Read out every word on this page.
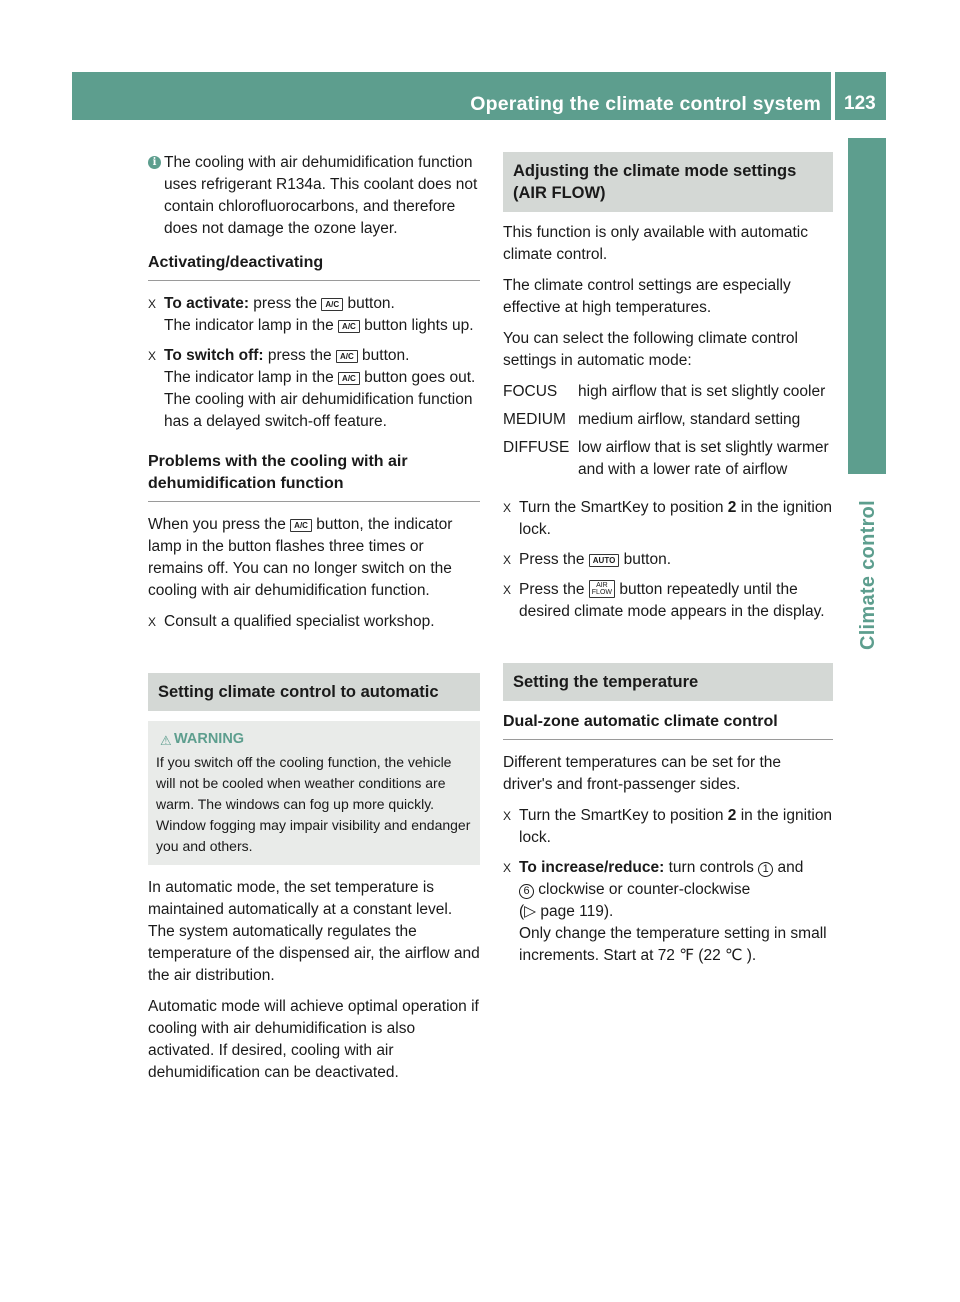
Operating the climate control system 123
Climate control
i The cooling with air dehumidification function uses refrigerant R134a. This coolant does not contain chlorofluorocarbons, and therefore does not damage the ozone layer.
Activating/deactivating
X To activate: press the A/C button.
The indicator lamp in the A/C button lights up.
X To switch off: press the A/C button.
The indicator lamp in the A/C button goes out. The cooling with air dehumidification function has a delayed switch-off feature.
Problems with the cooling with air dehumidification function

When you press the A/C button, the indicator lamp in the button flashes three times or remains off. You can no longer switch on the cooling with air dehumidification function.

X Consult a qualified specialist workshop.
Setting climate control to automatic
⚠ WARNING
If you switch off the cooling function, the vehicle will not be cooled when weather conditions are warm. The windows can fog up more quickly. Window fogging may impair visibility and endanger you and others.

In automatic mode, the set temperature is maintained automatically at a constant level. The system automatically regulates the temperature of the dispensed air, the airflow and the air distribution.

Automatic mode will achieve optimal operation if cooling with air dehumidification is also activated. If desired, cooling with air dehumidification can be deactivated.

Adjusting the climate mode settings (AIR FLOW)

This function is only available with automatic climate control.

The climate control settings are especially effective at high temperatures.

You can select the following climate control settings in automatic mode:

FOCUS	high airflow that is set slightly cooler
MEDIUM	medium airflow, standard setting
DIFFUSE	low airflow that is set slightly warmer and with a lower rate of airflow
X Turn the SmartKey to position 2 in the ignition lock.
X Press the AUTO button.
X Press the AIR
FLOW button repeatedly until the desired climate mode appears in the display.
Setting the temperature
Dual-zone automatic climate control

Different temperatures can be set for the driver's and front-passenger sides.

X Turn the SmartKey to position 2 in the ignition lock.
X To increase/reduce: turn controls 1 and
6 clockwise or counter-clockwise
(▷ page 119).
Only change the temperature setting in small increments. Start at 72 ℉ (22 ℃ ).
